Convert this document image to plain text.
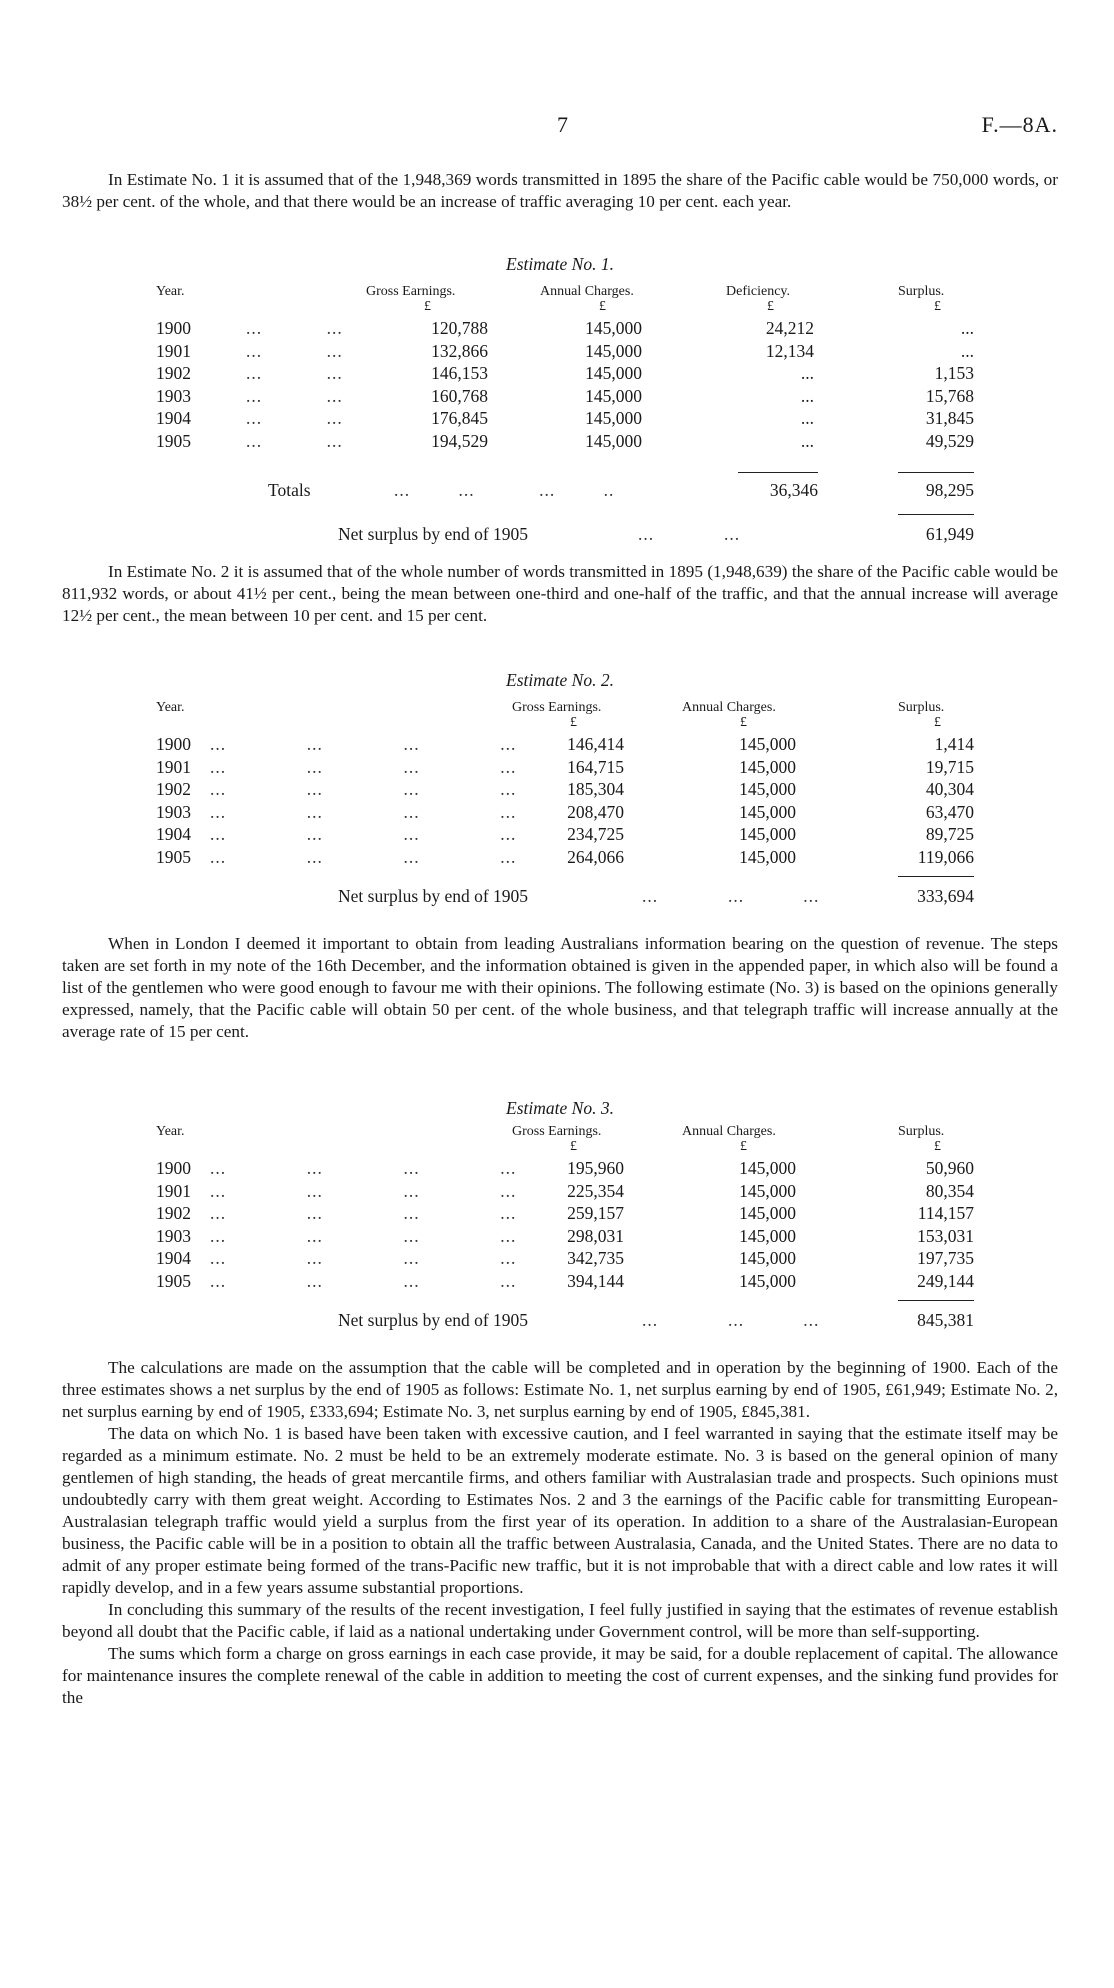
7	F.—8A.

In Estimate No. 1 it is assumed that of the 1,948,369 words transmitted in 1895 the share of the Pacific cable would be 750,000 words, or 38½ per cent. of the whole, and that there would be an increase of traffic averaging 10 per cent. each year.

Estimate No. 1.
Year.	Gross Earnings.	Annual Charges.	Deficiency.	Surplus.
£	£	£	£
1900	...            ...	120,788	145,000	24,212	...
1901	...            ...	132,866	145,000	12,134	...
1902	...            ...	146,153	145,000	...	1,153
1903	...            ...	160,768	145,000	...	15,768
1904	...            ...	176,845	145,000	...	31,845
1905	...            ...	194,529	145,000	...	49,529
Totals	...         ...            ...         ..	36,346	98,295
Net surplus by end of 1905	...             ...	61,949

In Estimate No. 2 it is assumed that of the whole number of words transmitted in 1895 (1,948,639) the share of the Pacific cable would be 811,932 words, or about 41½ per cent., being the mean between one-third and one-half of the traffic, and that the annual increase will average 12½ per cent., the mean between 10 per cent. and 15 per cent.

Estimate No. 2.
Year.	Gross Earnings.	Annual Charges.	Surplus.
£	£	£
1900 ...               ...               ...               ...	146,414	145,000	1,414
1901 ...               ...               ...               ...	164,715	145,000	19,715
1902 ...               ...               ...               ...	185,304	145,000	40,304
1903 ...               ...               ...               ...	208,470	145,000	63,470
1904 ...               ...               ...               ...	234,725	145,000	89,725
1905 ...               ...               ...               ...	264,066	145,000	119,066
Net surplus by end of 1905	...             ...           ...	333,694

When in London I deemed it important to obtain from leading Australians information bearing on the question of revenue. The steps taken are set forth in my note of the 16th December, and the information obtained is given in the appended paper, in which also will be found a list of the gentlemen who were good enough to favour me with their opinions. The following estimate (No. 3) is based on the opinions generally expressed, namely, that the Pacific cable will obtain 50 per cent. of the whole business, and that telegraph traffic will increase annually at the average rate of 15 per cent.

Estimate No. 3.
Year.	Gross Earnings.	Annual Charges.	Surplus.
£	£	£
1900 ...               ...               ...               ...	195,960	145,000	50,960
1901 ...               ...               ...               ...	225,354	145,000	80,354
1902 ...               ...               ...               ...	259,157	145,000	114,157
1903 ...               ...               ...               ...	298,031	145,000	153,031
1904 ...               ...               ...               ...	342,735	145,000	197,735
1905 ...               ...               ...               ...	394,144	145,000	249,144
Net surplus by end of 1905	...             ...           ...	845,381

The calculations are made on the assumption that the cable will be completed and in operation by the beginning of 1900. Each of the three estimates shows a net surplus by the end of 1905 as follows: Estimate No. 1, net surplus earning by end of 1905, £61,949; Estimate No. 2, net surplus earning by end of 1905, £333,694; Estimate No. 3, net surplus earning by end of 1905, £845,381.

The data on which No. 1 is based have been taken with excessive caution, and I feel warranted in saying that the estimate itself may be regarded as a minimum estimate. No. 2 must be held to be an extremely moderate estimate. No. 3 is based on the general opinion of many gentlemen of high standing, the heads of great mercantile firms, and others familiar with Australasian trade and prospects. Such opinions must undoubtedly carry with them great weight. According to Estimates Nos. 2 and 3 the earnings of the Pacific cable for transmitting European-Australasian telegraph traffic would yield a surplus from the first year of its operation. In addition to a share of the Australasian-European business, the Pacific cable will be in a position to obtain all the traffic between Australasia, Canada, and the United States. There are no data to admit of any proper estimate being formed of the trans-Pacific new traffic, but it is not improbable that with a direct cable and low rates it will rapidly develop, and in a few years assume substantial proportions.

In concluding this summary of the results of the recent investigation, I feel fully justified in saying that the estimates of revenue establish beyond all doubt that the Pacific cable, if laid as a national undertaking under Government control, will be more than self-supporting.

The sums which form a charge on gross earnings in each case provide, it may be said, for a double replacement of capital. The allowance for maintenance insures the complete renewal of the cable in addition to meeting the cost of current expenses, and the sinking fund provides for the
